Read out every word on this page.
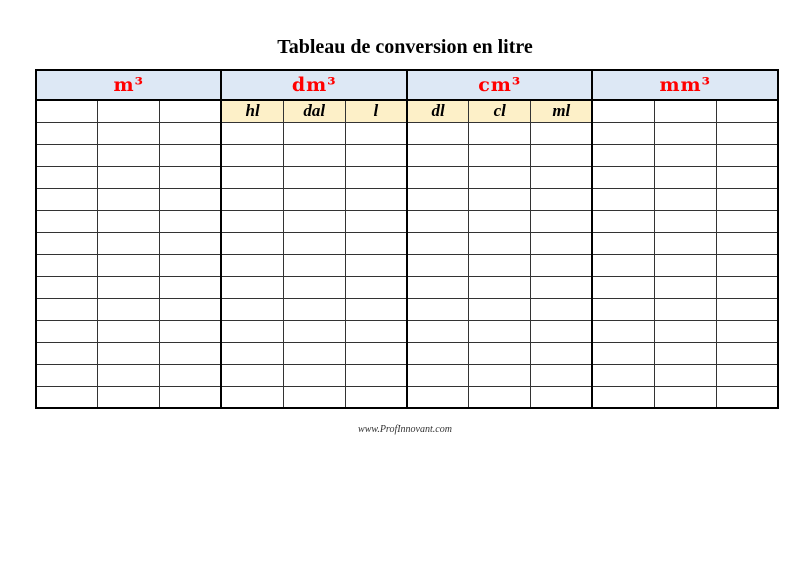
Tableau de conversion en litre
m³			dm³			cm³			mm³		
			hl	dal	l	dl	cl	ml			

www.ProfInnovant.com
